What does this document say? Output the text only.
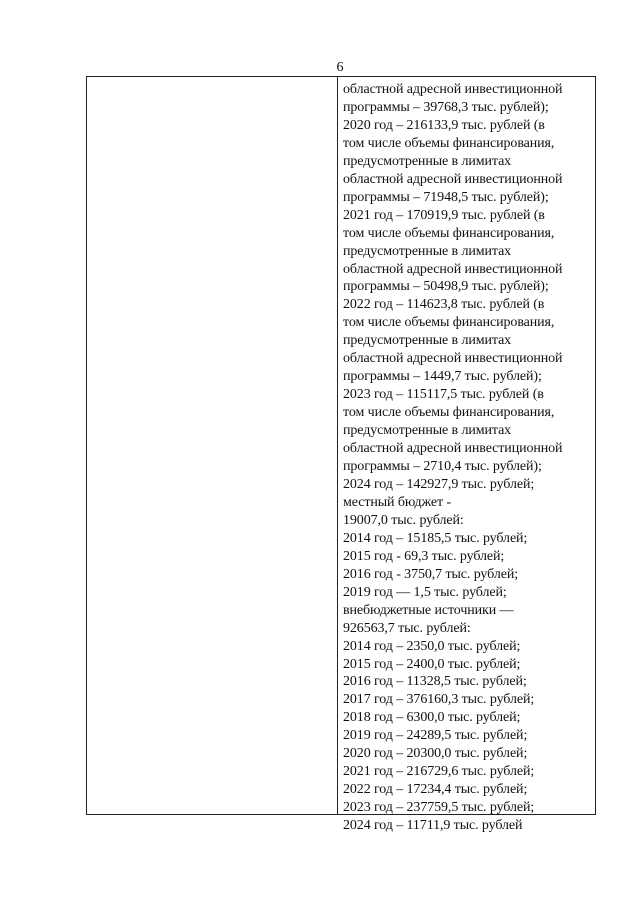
6
областной адресной инвестиционной
программы – 39768,3 тыс. рублей);
2020 год – 216133,9 тыс. рублей (в
том числе объемы финансирования,
предусмотренные в лимитах
областной адресной инвестиционной
программы – 71948,5 тыс. рублей);
2021 год – 170919,9 тыс. рублей (в
том числе объемы финансирования,
предусмотренные в лимитах
областной адресной инвестиционной
программы – 50498,9 тыс. рублей);
2022 год – 114623,8 тыс. рублей (в
том числе объемы финансирования,
предусмотренные в лимитах
областной адресной инвестиционной
программы – 1449,7 тыс. рублей);
2023 год – 115117,5 тыс. рублей (в
том числе объемы финансирования,
предусмотренные в лимитах
областной адресной инвестиционной
программы – 2710,4 тыс. рублей);
2024 год – 142927,9 тыс. рублей;
местный бюджет -
19007,0 тыс. рублей:
2014 год – 15185,5 тыс. рублей;
2015 год - 69,3 тыс. рублей;
2016 год - 3750,7 тыс. рублей;
2019 год — 1,5 тыс. рублей;
внебюджетные источники —
926563,7 тыс. рублей:
2014 год – 2350,0 тыс. рублей;
2015 год – 2400,0 тыс. рублей;
2016 год – 11328,5 тыс. рублей;
2017 год – 376160,3 тыс. рублей;
2018 год – 6300,0 тыс. рублей;
2019 год – 24289,5 тыс. рублей;
2020 год – 20300,0 тыс. рублей;
2021 год – 216729,6 тыс. рублей;
2022 год – 17234,4 тыс. рублей;
2023 год – 237759,5 тыс. рублей;
2024 год – 11711,9 тыс. рублей
